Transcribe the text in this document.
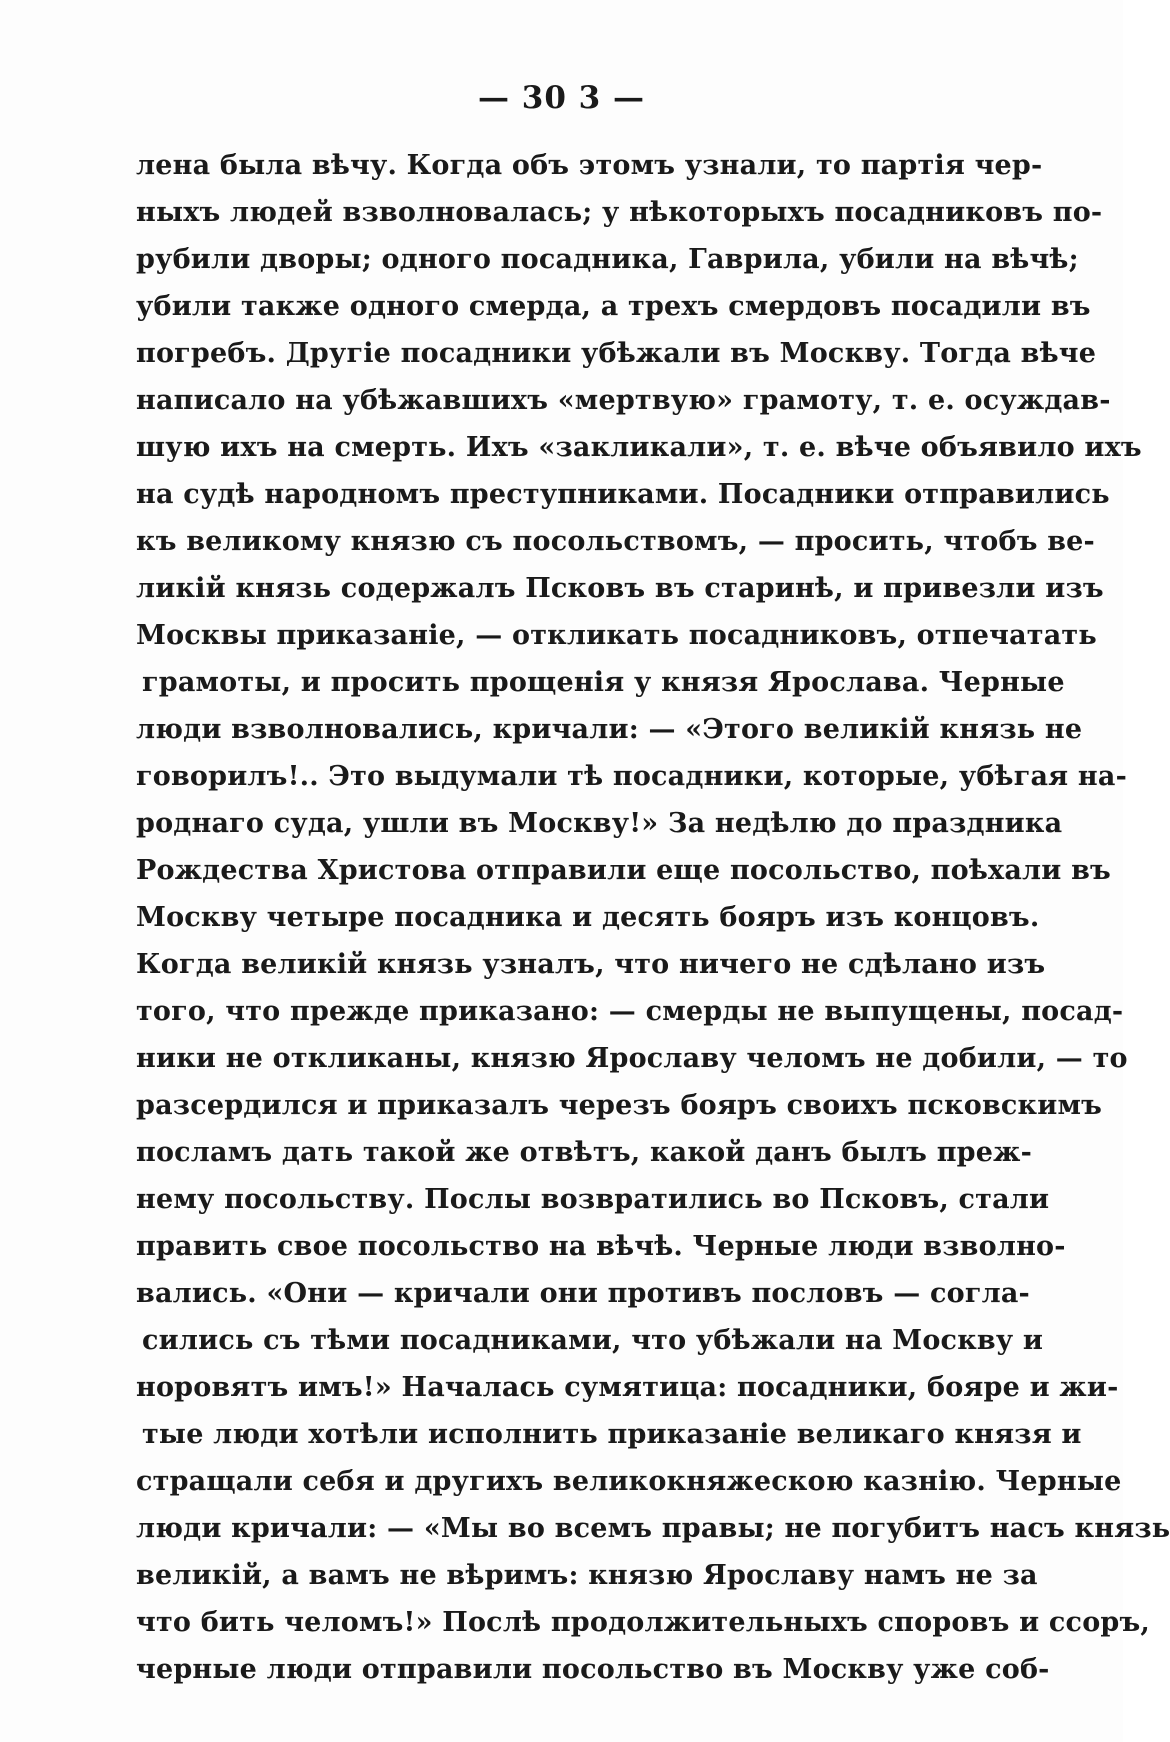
— 30 3 —
лена была вѣчу. Когда объ этомъ узнали, то партія чер-
ныхъ людей взволновалась; у нѣкоторыхъ посадниковъ по-
рубили дворы; одного посадника, Гаврила, убили на вѣчѣ;
убили также одного смерда, а трехъ смердовъ посадили въ
погребъ. Другіе посадники убѣжали въ Москву. Тогда вѣче
написало на убѣжавшихъ «мертвую» грамоту, т. е. осуждав-
шую ихъ на смерть. Ихъ «закликали», т. е. вѣче объявило ихъ
на судѣ народномъ преступниками. Посадники отправились
къ великому князю съ посольствомъ, — просить, чтобъ ве-
ликій князь содержалъ Псковъ въ старинѣ, и привезли изъ
Москвы приказаніе, — откликать посадниковъ, отпечатать
грамоты, и просить прощенія у князя Ярослава. Черные
люди взволновались, кричали: — «Этого великій князь не
говорилъ!.. Это выдумали тѣ посадники, которые, убѣгая на-
роднаго суда, ушли въ Москву!» За недѣлю до праздника
Рождества Христова отправили еще посольство, поѣхали въ
Москву четыре посадника и десять бояръ изъ концовъ.
Когда великій князь узналъ, что ничего не сдѣлано изъ
того, что прежде приказано: — смерды не выпущены, посад-
ники не откликаны, князю Ярославу челомъ не добили, — то
разсердился и приказалъ черезъ бояръ своихъ псковскимъ
посламъ дать такой же отвѣтъ, какой данъ былъ преж-
нему посольству. Послы возвратились во Псковъ, стали
править свое посольство на вѣчѣ. Черные люди взволно-
вались. «Они — кричали они противъ пословъ — согла-
сились съ тѣми посадниками, что убѣжали на Москву и
норовятъ имъ!» Началась сумятица: посадники, бояре и жи-
тые люди хотѣли исполнить приказаніе великаго князя и
стращали себя и другихъ великокняжескою казнію. Черные
люди кричали: — «Мы во всемъ правы; не погубитъ насъ князь
великій, а вамъ не вѣримъ: князю Ярославу намъ не за
что бить челомъ!» Послѣ продолжительныхъ споровъ и ссоръ,
черные люди отправили посольство въ Москву уже соб-
